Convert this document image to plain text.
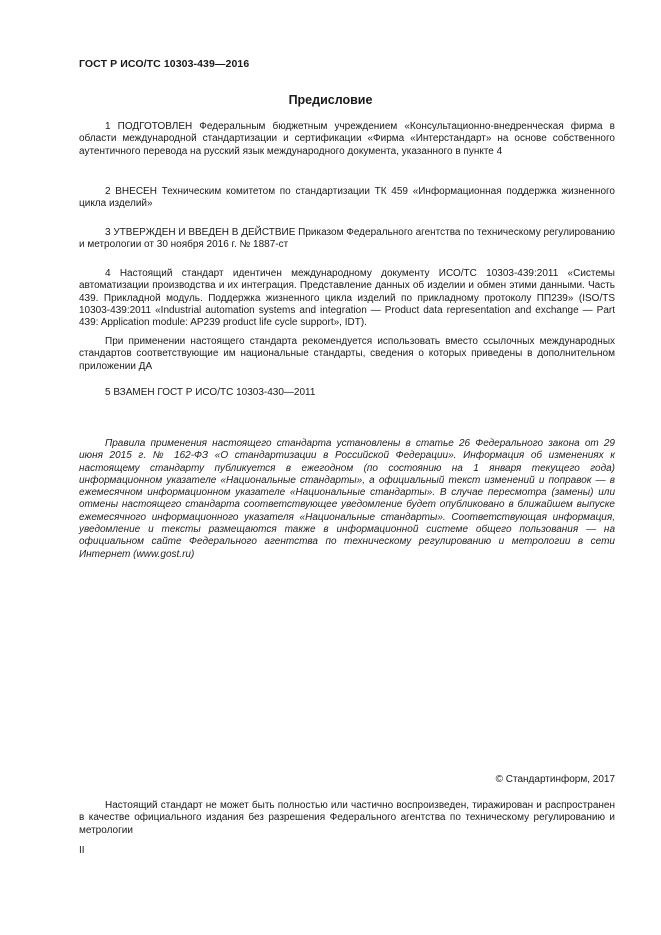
ГОСТ Р ИСО/ТС 10303-439—2016
Предисловие

1 ПОДГОТОВЛЕН Федеральным бюджетным учреждением «Консультационно-внедренческая фирма в области международной стандартизации и сертификации «Фирма «Интерстандарт» на основе собственного аутентичного перевода на русский язык международного документа, указанного в пункте 4

2 ВНЕСЕН Техническим комитетом по стандартизации ТК 459 «Информационная поддержка жизненного цикла изделий»

3 УТВЕРЖДЕН И ВВЕДЕН В ДЕЙСТВИЕ Приказом Федерального агентства по техническому регулированию и метрологии от 30 ноября 2016 г. № 1887-ст

4 Настоящий стандарт идентичен международному документу ИСО/ТС 10303-439:2011 «Системы автоматизации производства и их интеграция. Представление данных об изделии и обмен этими данными. Часть 439. Прикладной модуль. Поддержка жизненного цикла изделий по прикладному протоколу ПП239» (ISO/TS 10303-439:2011 «Industrial automation systems and integration — Product data representation and exchange — Part 439: Application module: AP239 product life cycle support», IDT).

При применении настоящего стандарта рекомендуется использовать вместо ссылочных международных стандартов соответствующие им национальные стандарты, сведения о которых приведены в дополнительном приложении ДА

5 ВЗАМЕН ГОСТ Р ИСО/ТС 10303-430—2011

Правила применения настоящего стандарта установлены в статье 26 Федерального закона от 29 июня 2015 г. № 162-ФЗ «О стандартизации в Российской Федерации». Информация об изменениях к настоящему стандарту публикуется в ежегодном (по состоянию на 1 января текущего года) информационном указателе «Национальные стандарты», а официальный текст изменений и поправок — в ежемесячном информационном указателе «Национальные стандарты». В случае пересмотра (замены) или отмены настоящего стандарта соответствующее уведомление будет опубликовано в ближайшем выпуске ежемесячного информационного указателя «Национальные стандарты». Соответствующая информация, уведомление и тексты размещаются также в информационной системе общего пользования — на официальном сайте Федерального агентства по техническому регулированию и метрологии в сети Интернет (www.gost.ru)

© Стандартинформ, 2017

Настоящий стандарт не может быть полностью или частично воспроизведен, тиражирован и распространен в качестве официального издания без разрешения Федерального агентства по техническому регулированию и метрологии

II
